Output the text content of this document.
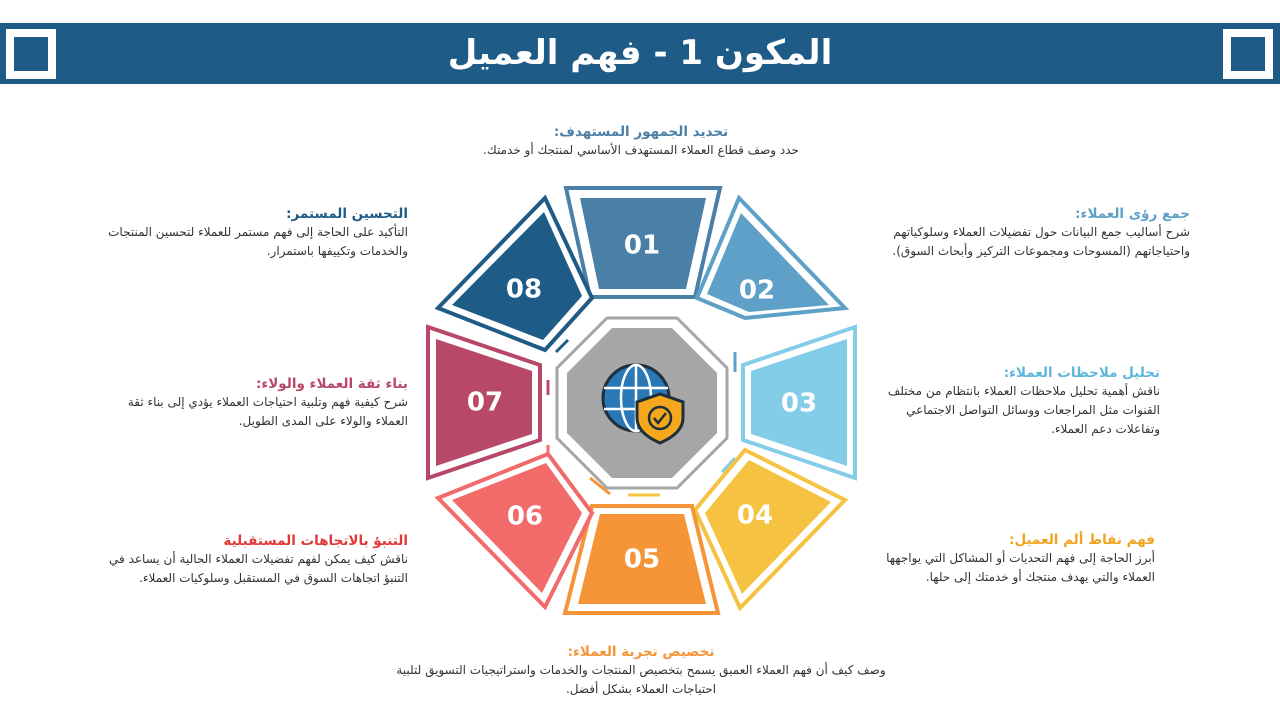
المكون 1 - فهم العميل
01
02
03
04
05
06
07
08
تحديد الجمهور المستهدف:
حدد وصف قطاع العملاء المستهدف الأساسي لمنتجك أو خدمتك.
جمع رؤى العملاء:
شرح أساليب جمع البيانات حول تفضيلات العملاء وسلوكياتهم واحتياجاتهم (المسوحات ومجموعات التركيز وأبحاث السوق).
تحليل ملاحظات العملاء:
ناقش أهمية تحليل ملاحظات العملاء بانتظام من مختلف القنوات مثل المراجعات ووسائل التواصل الاجتماعي وتفاعلات دعم العملاء.
فهم نقاط ألم العميل:
أبرز الحاجة إلى فهم التحديات أو المشاكل التي يواجهها العملاء والتي يهدف منتجك أو خدمتك إلى حلها.
تخصيص تجربة العملاء:
وصف كيف أن فهم العملاء العميق يسمح بتخصيص المنتجات والخدمات واستراتيجيات التسويق لتلبية احتياجات العملاء بشكل أفضل.
التنبؤ بالاتجاهات المستقبلية
ناقش كيف يمكن لفهم تفضيلات العملاء الحالية أن يساعد في التنبؤ اتجاهات السوق في المستقبل وسلوكيات العملاء.
بناء ثقة العملاء والولاء:
شرح كيفية فهم وتلبية احتياجات العملاء يؤدي إلى بناء ثقة العملاء والولاء على المدى الطويل.
التحسين المستمر:
التأكيد على الحاجة إلى فهم مستمر للعملاء لتحسين المنتجات والخدمات وتكييفها باستمرار.
